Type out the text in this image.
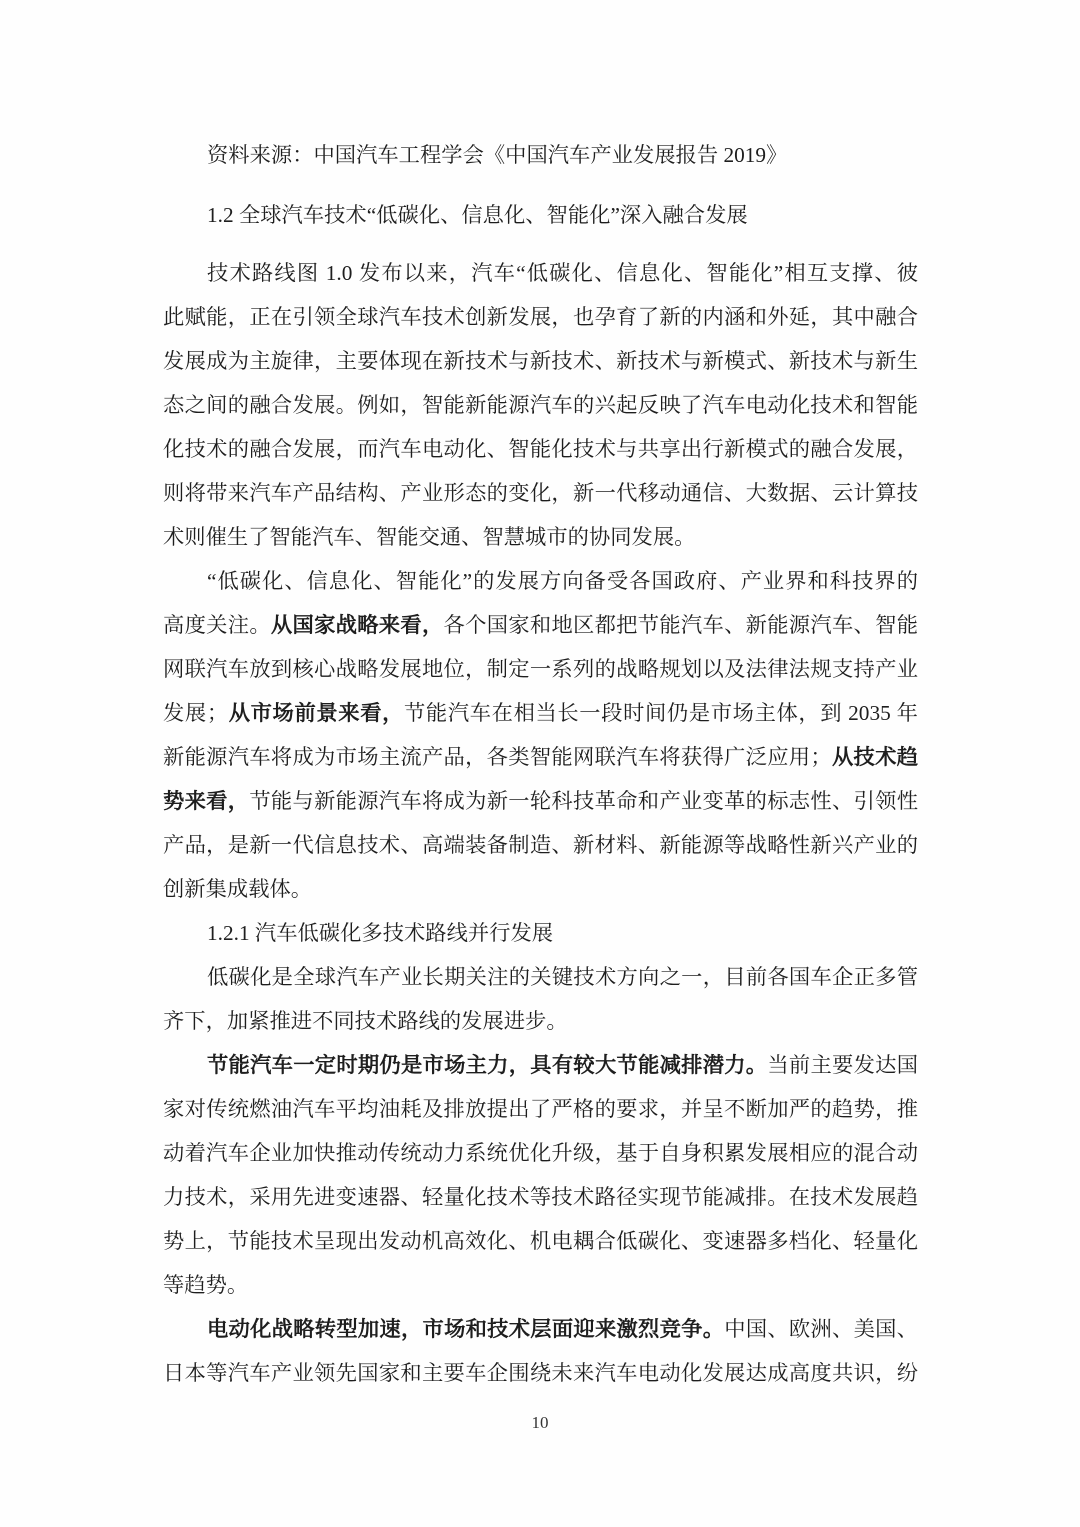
资料来源：中国汽车工程学会《中国汽车产业发展报告 2019》
1.2 全球汽车技术“低碳化、信息化、智能化”深入融合发展
技术路线图 1.0 发布以来，汽车“低碳化、信息化、智能化”相互支撑、彼
此赋能，正在引领全球汽车技术创新发展，也孕育了新的内涵和外延，其中融合
发展成为主旋律，主要体现在新技术与新技术、新技术与新模式、新技术与新生
态之间的融合发展。例如，智能新能源汽车的兴起反映了汽车电动化技术和智能
化技术的融合发展，而汽车电动化、智能化技术与共享出行新模式的融合发展，
则将带来汽车产品结构、产业形态的变化，新一代移动通信、大数据、云计算技
术则催生了智能汽车、智能交通、智慧城市的协同发展。
“低碳化、信息化、智能化”的发展方向备受各国政府、产业界和科技界的
高度关注。从国家战略来看，各个国家和地区都把节能汽车、新能源汽车、智能
网联汽车放到核心战略发展地位，制定一系列的战略规划以及法律法规支持产业
发展；从市场前景来看，节能汽车在相当长一段时间仍是市场主体，到 2035 年
新能源汽车将成为市场主流产品，各类智能网联汽车将获得广泛应用；从技术趋
势来看，节能与新能源汽车将成为新一轮科技革命和产业变革的标志性、引领性
产品，是新一代信息技术、高端装备制造、新材料、新能源等战略性新兴产业的
创新集成载体。
1.2.1 汽车低碳化多技术路线并行发展
低碳化是全球汽车产业长期关注的关键技术方向之一，目前各国车企正多管
齐下，加紧推进不同技术路线的发展进步。
节能汽车一定时期仍是市场主力，具有较大节能减排潜力。当前主要发达国
家对传统燃油汽车平均油耗及排放提出了严格的要求，并呈不断加严的趋势，推
动着汽车企业加快推动传统动力系统优化升级，基于自身积累发展相应的混合动
力技术，采用先进变速器、轻量化技术等技术路径实现节能减排。在技术发展趋
势上，节能技术呈现出发动机高效化、机电耦合低碳化、变速器多档化、轻量化
等趋势。
电动化战略转型加速，市场和技术层面迎来激烈竞争。中国、欧洲、美国、
日本等汽车产业领先国家和主要车企围绕未来汽车电动化发展达成高度共识，纷
10
